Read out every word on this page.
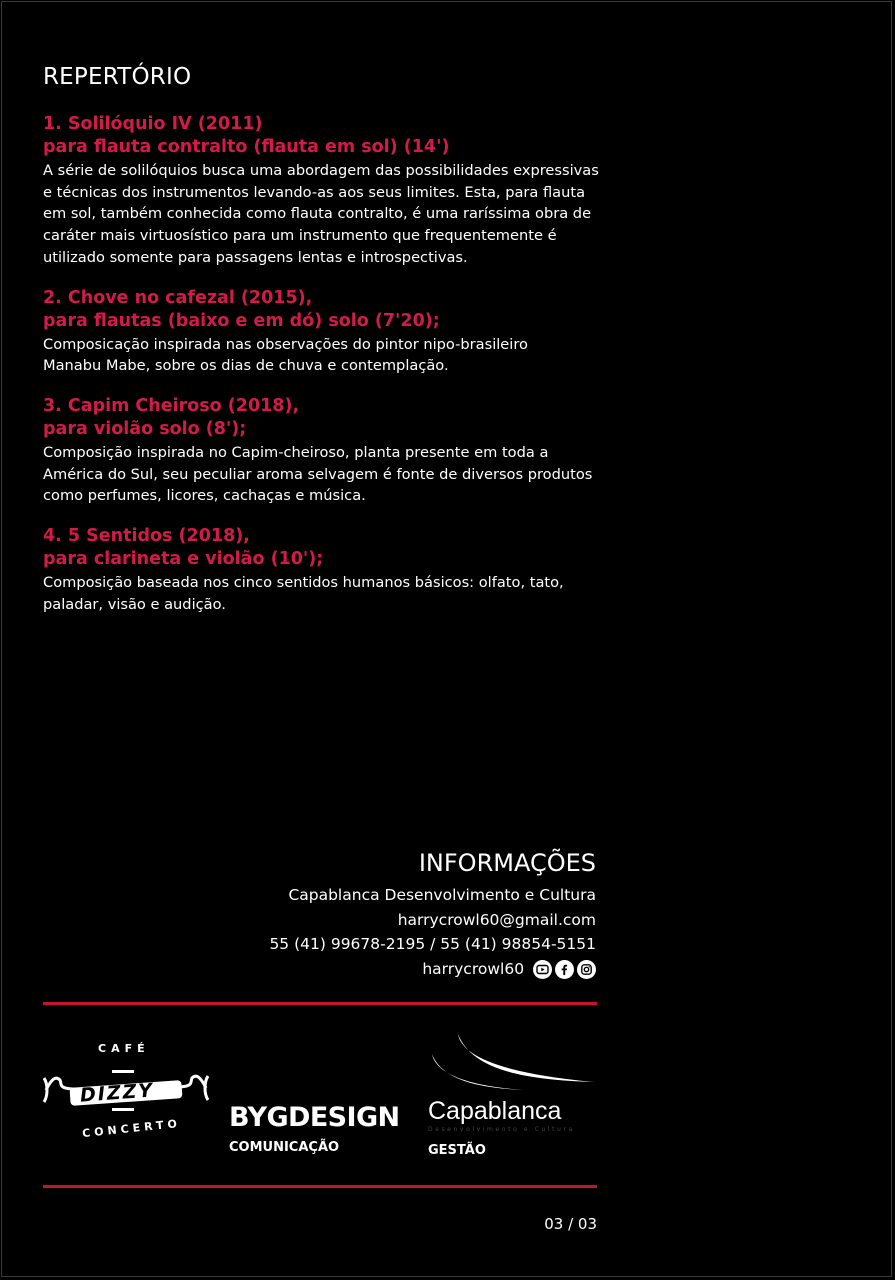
REPERTÓRIO
1. Solilóquio IV (2011)
para flauta contralto (flauta em sol) (14')
A série de solilóquios busca uma abordagem das possibilidades expressivas e técnicas dos instrumentos levando-as aos seus limites. Esta, para flauta em sol, também conhecida como flauta contralto, é uma raríssima obra de caráter mais virtuosístico para um instrumento que frequentemente é utilizado somente para passagens lentas e introspectivas.
2. Chove no cafezal (2015),
para flautas (baixo e em dó) solo (7'20);
Composicação inspirada nas observações do pintor nipo-brasileiro Manabu Mabe, sobre os dias de chuva e contemplação.
3. Capim Cheiroso (2018),
para violão solo (8');
Composição inspirada no Capim-cheiroso, planta presente em toda a América do Sul, seu peculiar aroma selvagem é fonte de diversos produtos como perfumes, licores, cachaças e música.
4. 5 Sentidos (2018),
para clarineta e violão (10');
Composição baseada nos cinco sentidos humanos básicos: olfato, tato, paladar, visão e audição.
INFORMAÇÕES
Capablanca Desenvolvimento e Cultura
harrycrowl60@gmail.com
55 (41) 99678-2195 / 55 (41) 98854-5151
harrycrowl60
CAFÉ
DIZZY
CONCERTO BYGDESIGN
COMUNICAÇÃO
Capablanca
Desenvolvimento e Cultura
GESTÃO
03 / 03
